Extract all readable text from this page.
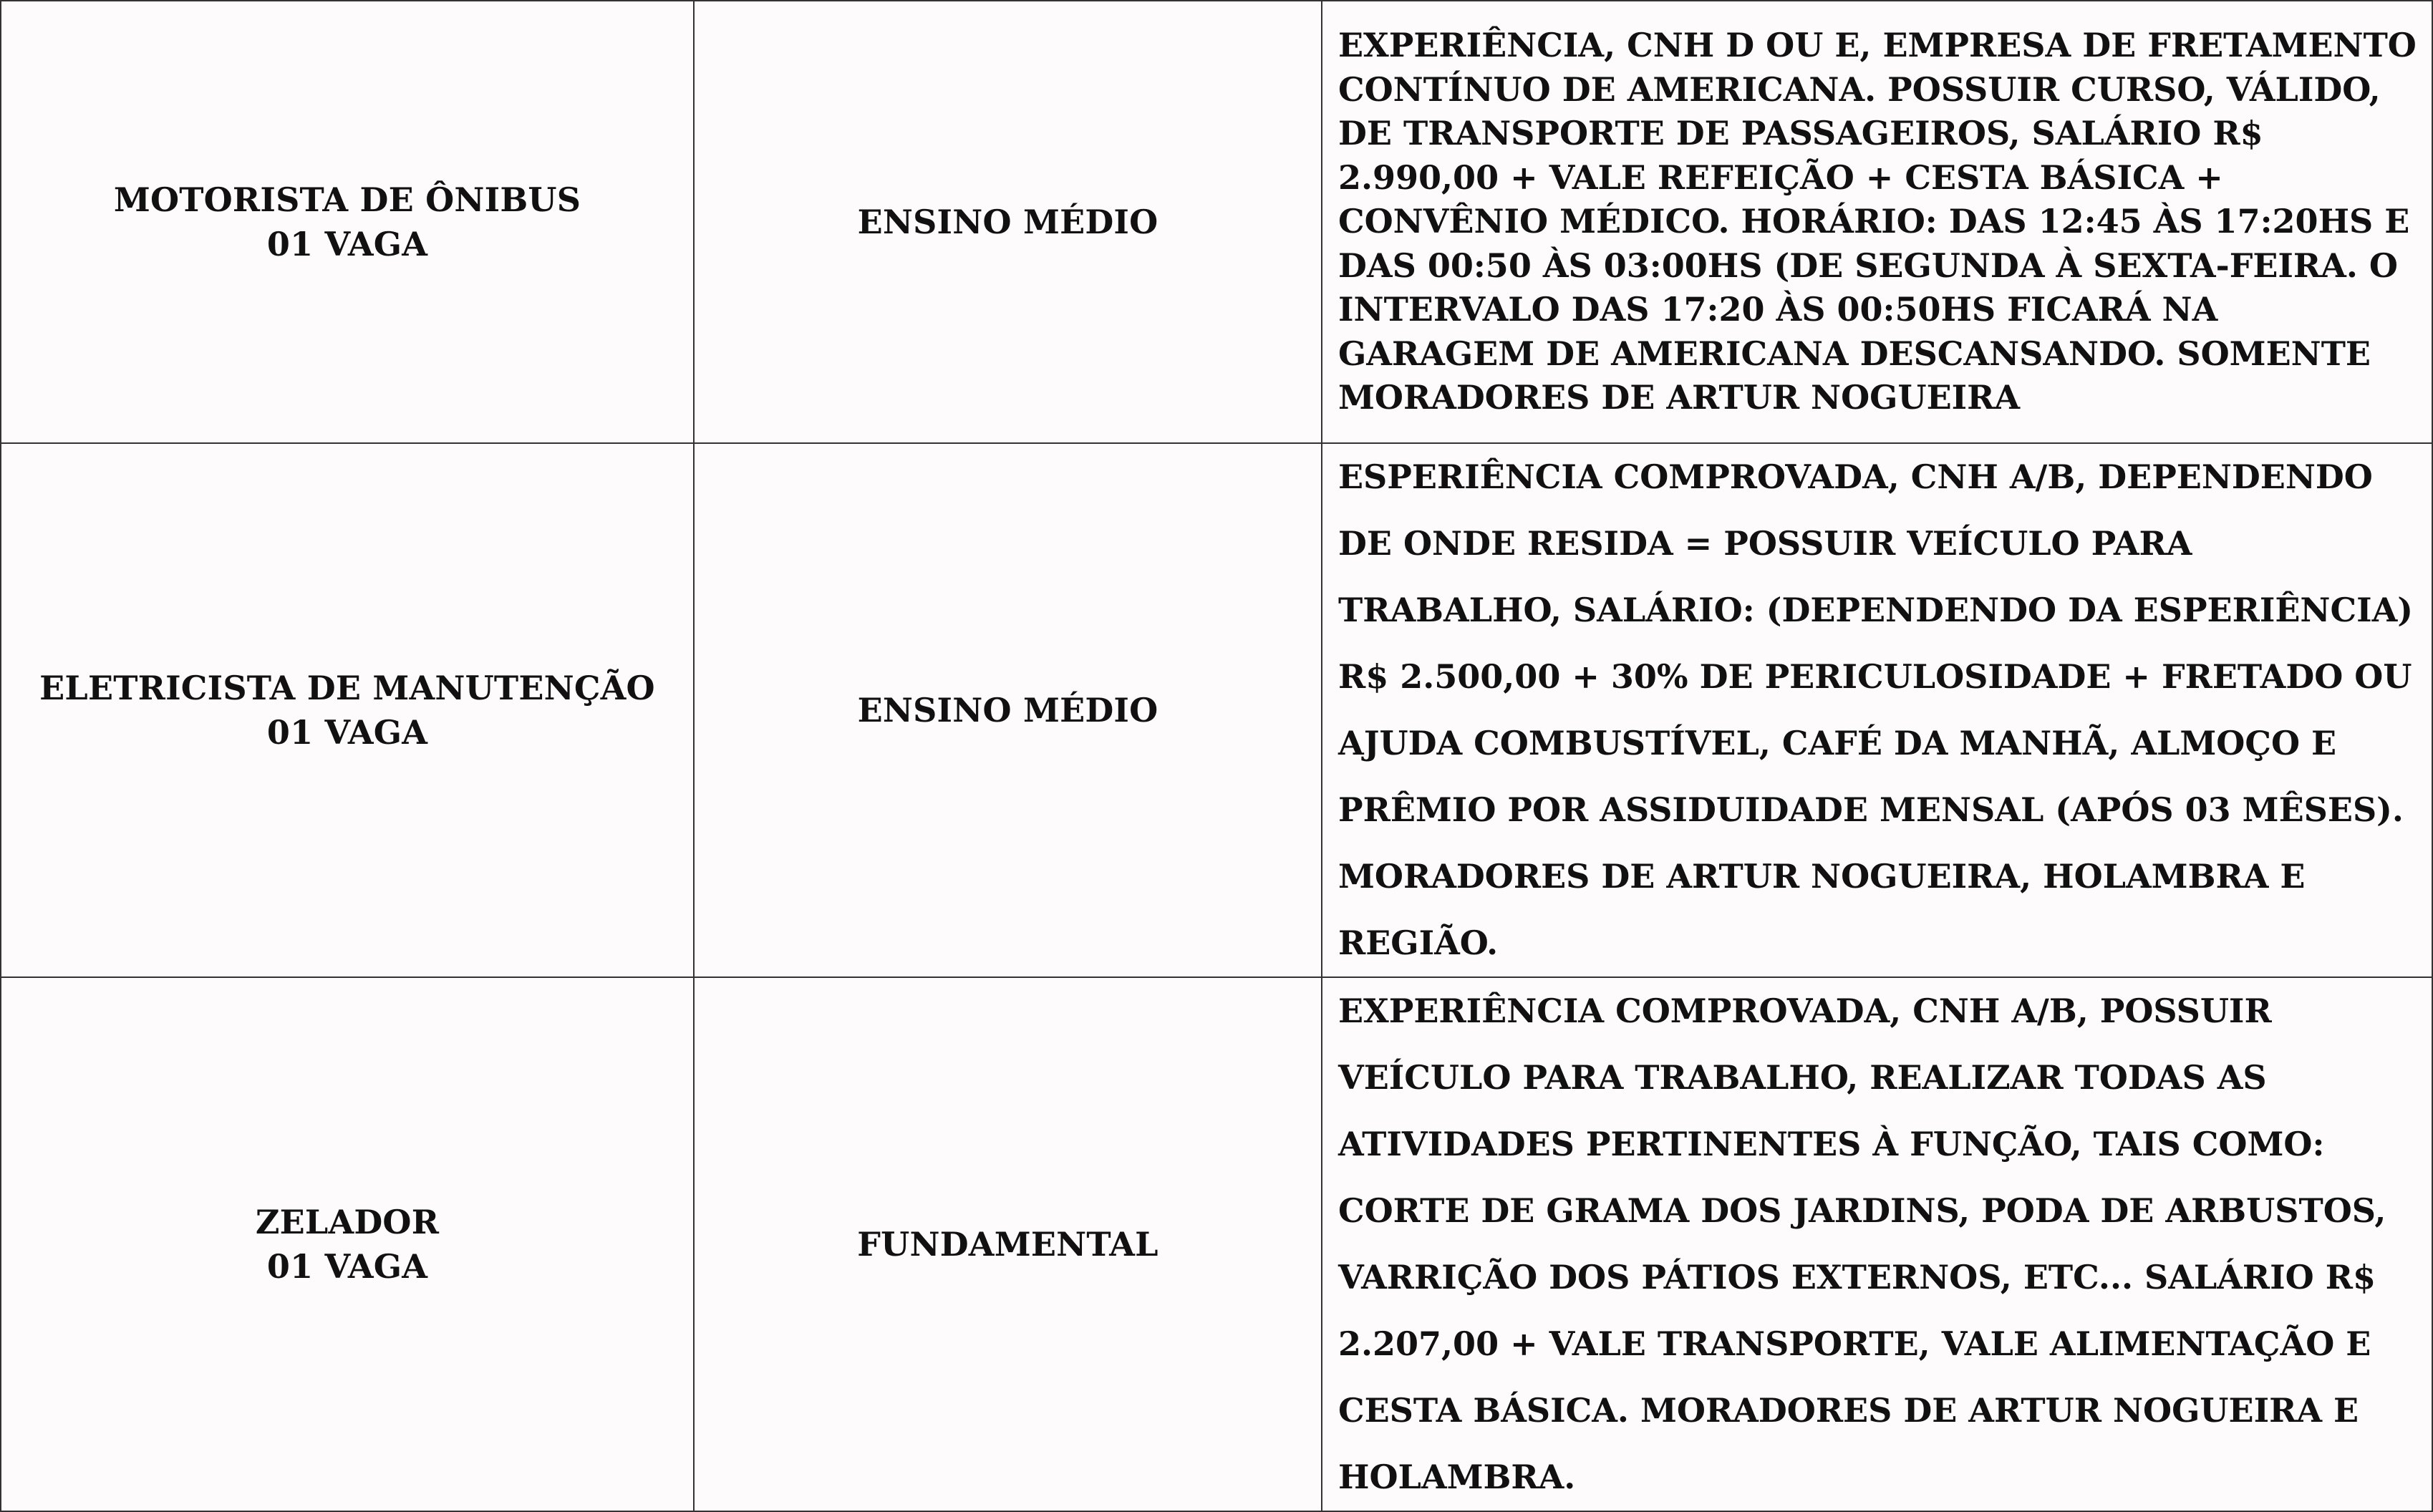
MOTORISTA DE ÔNIBUS
01 VAGA	ENSINO MÉDIO	EXPERIÊNCIA, CNH D OU E, EMPRESA DE FRETAMENTO CONTÍNUO DE AMERICANA. POSSUIR CURSO, VÁLIDO, DE TRANSPORTE DE PASSAGEIROS, SALÁRIO R$ 2.990,00 + VALE REFEIÇÃO + CESTA BÁSICA + CONVÊNIO MÉDICO. HORÁRIO: DAS 12:45 ÀS 17:20HS E DAS 00:50 ÀS 03:00HS (DE SEGUNDA À SEXTA-FEIRA. O INTERVALO DAS 17:20 ÀS 00:50HS FICARÁ NA GARAGEM DE AMERICANA DESCANSANDO. SOMENTE MORADORES DE ARTUR NOGUEIRA

ELETRICISTA DE MANUTENÇÃO
01 VAGA	ENSINO MÉDIO	ESPERIÊNCIA COMPROVADA, CNH A/B, DEPENDENDO DE ONDE RESIDA = POSSUIR VEÍCULO PARA TRABALHO, SALÁRIO: (DEPENDENDO DA ESPERIÊNCIA) R$ 2.500,00 + 30% DE PERICULOSIDADE + FRETADO OU AJUDA COMBUSTÍVEL, CAFÉ DA MANHÃ, ALMOÇO E PRÊMIO POR ASSIDUIDADE MENSAL (APÓS 03 MÊSES). MORADORES DE ARTUR NOGUEIRA, HOLAMBRA E REGIÃO.

ZELADOR
01 VAGA	FUNDAMENTAL	EXPERIÊNCIA COMPROVADA, CNH A/B, POSSUIR VEÍCULO PARA TRABALHO, REALIZAR TODAS AS ATIVIDADES PERTINENTES À FUNÇÃO, TAIS COMO: CORTE DE GRAMA DOS JARDINS, PODA DE ARBUSTOS, VARRIÇÃO DOS PÁTIOS EXTERNOS, ETC... SALÁRIO R$ 2.207,00 + VALE TRANSPORTE, VALE ALIMENTAÇÃO E CESTA BÁSICA. MORADORES DE ARTUR NOGUEIRA E HOLAMBRA.
